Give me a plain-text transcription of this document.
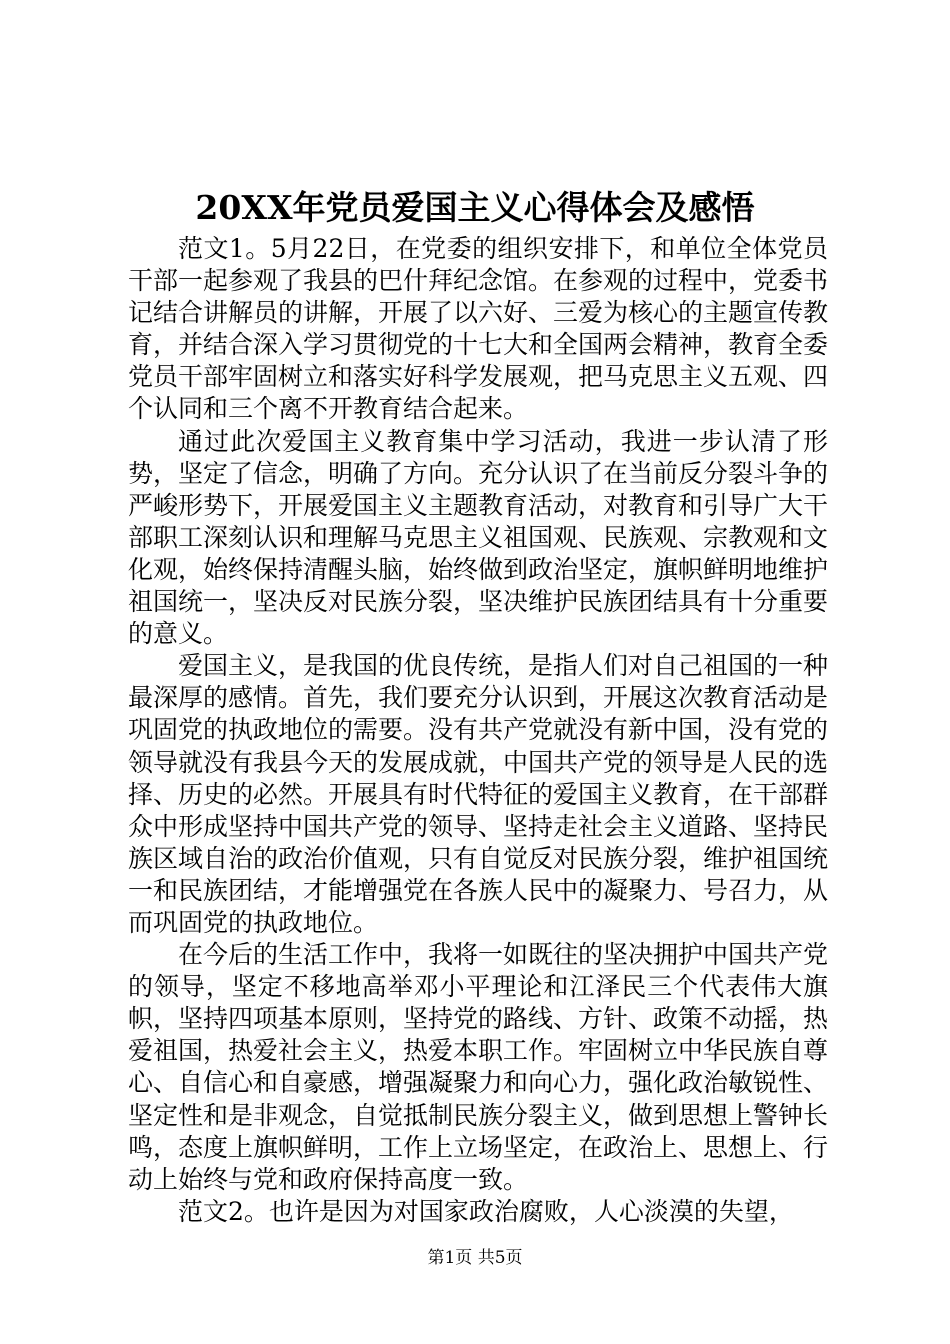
20XX年党员爱国主义心得体会及感悟

范文1。5月22日，在党委的组织安排下，和单位全体党员干部一起参观了我县的巴什拜纪念馆。在参观的过程中，党委书记结合讲解员的讲解，开展了以六好、三爱为核心的主题宣传教育，并结合深入学习贯彻党的十七大和全国两会精神，教育全委党员干部牢固树立和落实好科学发展观，把马克思主义五观、四个认同和三个离不开教育结合起来。

通过此次爱国主义教育集中学习活动，我进一步认清了形势，坚定了信念，明确了方向。充分认识了在当前反分裂斗争的严峻形势下，开展爱国主义主题教育活动，对教育和引导广大干部职工深刻认识和理解马克思主义祖国观、民族观、宗教观和文化观，始终保持清醒头脑，始终做到政治坚定，旗帜鲜明地维护祖国统一，坚决反对民族分裂，坚决维护民族团结具有十分重要的意义。

爱国主义，是我国的优良传统，是指人们对自己祖国的一种最深厚的感情。首先，我们要充分认识到，开展这次教育活动是巩固党的执政地位的需要。没有共产党就没有新中国，没有党的领导就没有我县今天的发展成就，中国共产党的领导是人民的选择、历史的必然。开展具有时代特征的爱国主义教育，在干部群众中形成坚持中国共产党的领导、坚持走社会主义道路、坚持民族区域自治的政治价值观，只有自觉反对民族分裂，维护祖国统一和民族团结，才能增强党在各族人民中的凝聚力、号召力，从而巩固党的执政地位。

在今后的生活工作中，我将一如既往的坚决拥护中国共产党的领导，坚定不移地高举邓小平理论和江泽民三个代表伟大旗帜，坚持四项基本原则，坚持党的路线、方针、政策不动摇，热爱祖国，热爱社会主义，热爱本职工作。牢固树立中华民族自尊心、自信心和自豪感，增强凝聚力和向心力，强化政治敏锐性、坚定性和是非观念，自觉抵制民族分裂主义，做到思想上警钟长鸣，态度上旗帜鲜明，工作上立场坚定，在政治上、思想上、行动上始终与党和政府保持高度一致。

范文2。也许是因为对国家政治腐败，人心淡漠的失望，

第1页 共5页
